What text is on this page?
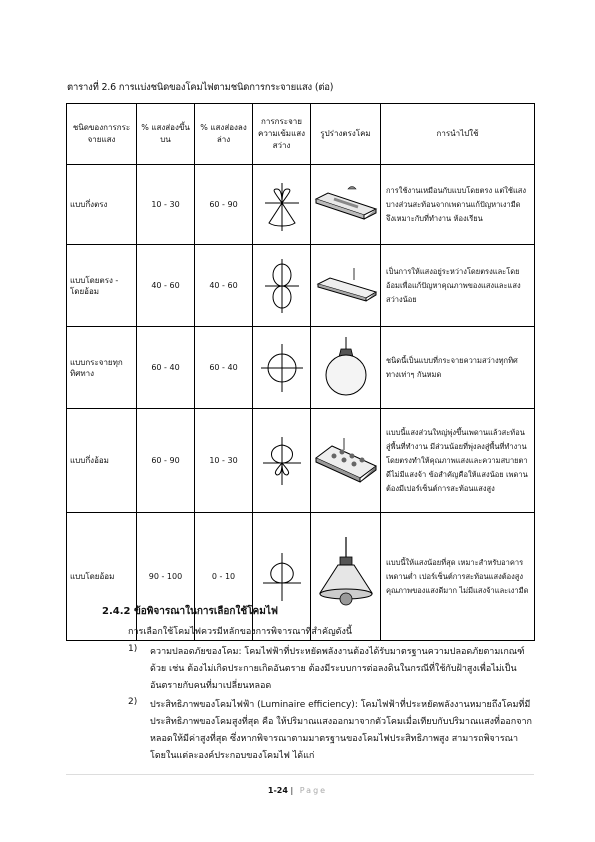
ตารางที่ 2.6 การแบ่งชนิดของโคมไฟตามชนิดการกระจายแสง (ต่อ)
ชนิดของการกระจายแสง	% แสงส่องขึ้นบน	% แสงส่องลงล่าง	การกระจายความเข้มแสงสว่าง	รูปร่างตรงโคม	การนำไปใช้
แบบกึ่งตรง	10 - 30	60 - 90			การใช้งานเหมือนกับแบบโดยตรง แต่ใช้แสงบางส่วนสะท้อนจากเพดานแก้ปัญหาเงามืด จึงเหมาะกับที่ทำงาน ห้องเรียน
แบบโดยตรง - โดยอ้อม	40 - 60	40 - 60			เป็นการให้แสงอยู่ระหว่างโดยตรงและโดยอ้อมเพื่อแก้ปัญหาคุณภาพของแสงและแสงสว่างน้อย
แบบกระจายทุกทิศทาง	60 - 40	60 - 40			ชนิดนี้เป็นแบบที่กระจายความสว่างทุกทิศทางเท่าๆ กันหมด
แบบกึ่งอ้อม	60 - 90	10 - 30			แบบนี้แสงส่วนใหญ่พุ่งขึ้นเพดานแล้วสะท้อนสู่พื้นที่ทำงาน มีส่วนน้อยที่พุ่งลงสู่พื้นที่ทำงานโดยตรงทำให้คุณภาพแสงและความสบายตาดีไม่มีแสงจ้า ข้อสำคัญคือให้แสงน้อย เพดานต้องมีเปอร์เซ็นต์การสะท้อนแสงสูง
แบบโดยอ้อม	90 - 100	0 - 10			แบบนี้ให้แสงน้อยที่สุด เหมาะสำหรับอาคารเพดานต่ำ เปอร์เซ็นต์การสะท้อนแสงต้องสูง คุณภาพของแสงดีมาก ไม่มีแสงจ้าและเงามืด
2.4.2 ข้อพิจารณาในการเลือกใช้โคมไฟ
การเลือกใช้โคมไฟควรมีหลักของการพิจารณาที่สำคัญดังนี้
1) ความปลอดภัยของโคม: โคมไฟฟ้าที่ประหยัดพลังงานต้องได้รับมาตรฐานความปลอดภัยตามเกณฑ์ด้วย เช่น ต้องไม่เกิดประกายเกิดอันตราย ต้องมีระบบการต่อลงดินในกรณีที่ใช้กับฝ้าสูงเพื่อไม่เป็นอันตรายกับคนที่มาเปลี่ยนหลอด
2) ประสิทธิภาพของโคมไฟฟ้า (Luminaire efficiency): โคมไฟฟ้าที่ประหยัดพลังงานหมายถึงโคมที่มีประสิทธิภาพของโคมสูงที่สุด คือ ให้ปริมาณแสงออกมาจากตัวโคมเมื่อเทียบกับปริมาณแสงที่ออกจากหลอดให้มีค่าสูงที่สุด ซึ่งหากพิจารณาตามมาตรฐานของโคมไฟประสิทธิภาพสูง สามารถพิจารณาโดยในแต่ละองค์ประกอบของโคมไฟ ได้แก่
1-24 | Page
